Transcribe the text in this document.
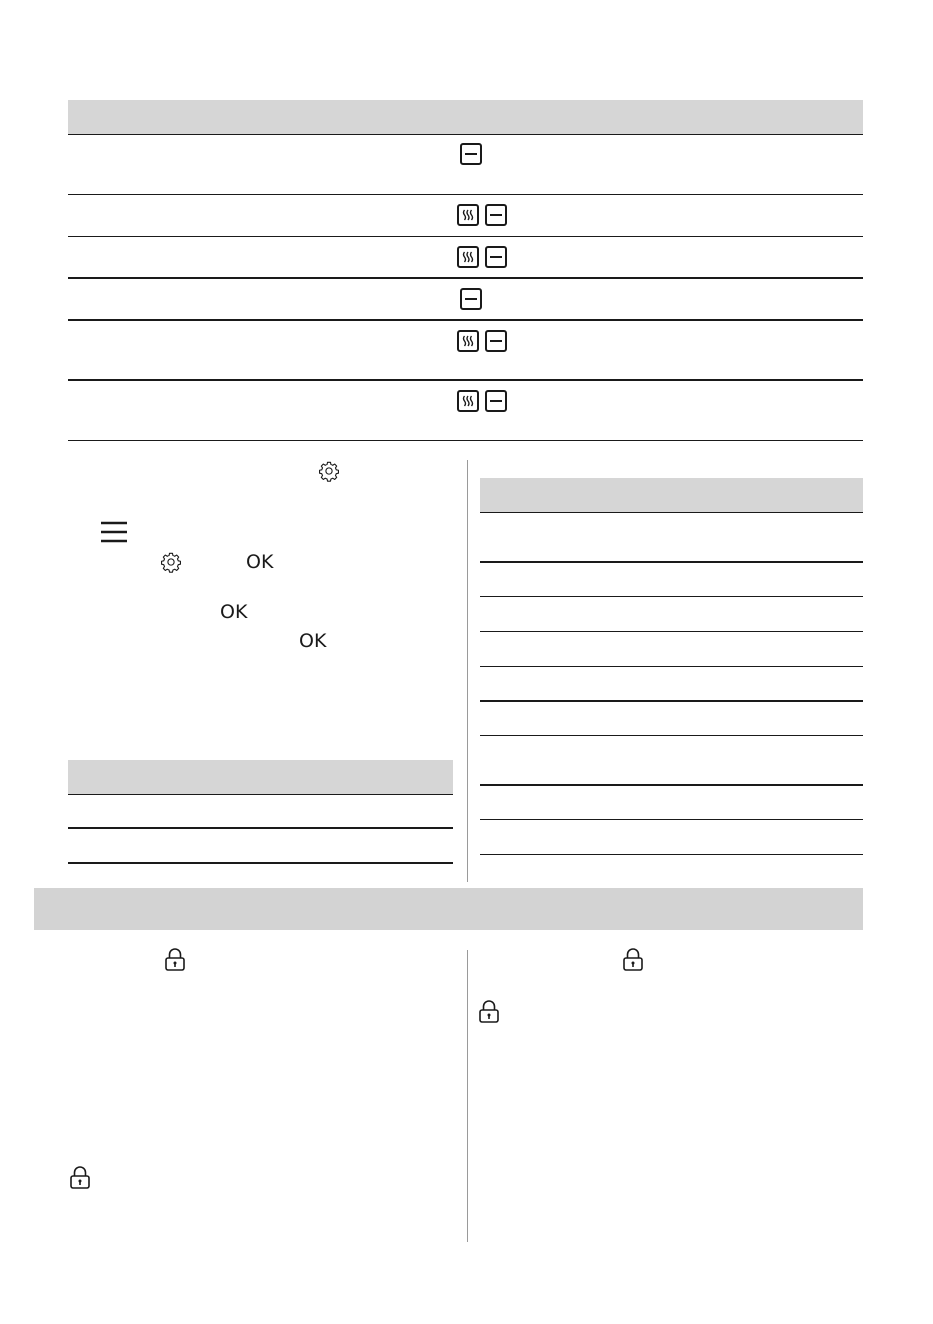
OK
OK
OK
